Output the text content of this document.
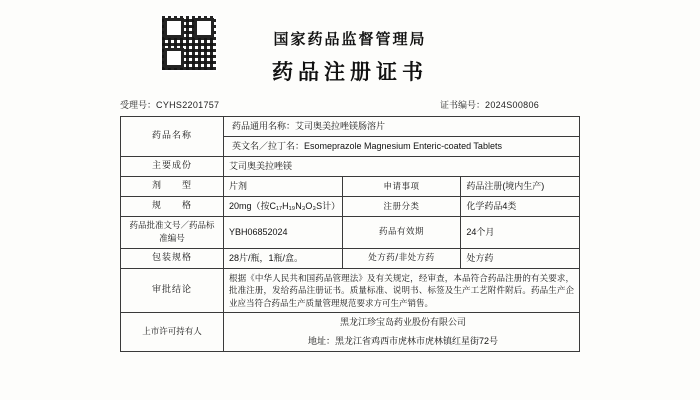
国家药品监督管理局
药品注册证书
受理号：CYHS2201757	证书编号：2024S00806
药品名称	药品通用名称：艾司奥美拉唑镁肠溶片
英文名／拉丁名：Esomeprazole Magnesium Enteric-coated Tablets		

主要成份	艾司奥美拉唑镁		
剂　　型	片剂	申请事项	药品注册(境内生产)
规　　格	20mg（按C₁₇H₁₉N₃O₃S计）	注册分类	化学药品4类
药品批准文号／药品标准编号	YBH06852024	药品有效期	24个月
包装规格	28片/瓶，1瓶/盒。	处方药/非处方药	处方药
审批结论	根据《中华人民共和国药品管理法》及有关规定，经审查，本品符合药品注册的有关要求，批准注册，发给药品注册证书。质量标准、说明书、标签及生产工艺附件附后。药品生产企业应当符合药品生产质量管理规范要求方可生产销售。		
上市许可持有人	黑龙江珍宝岛药业股份有限公司
地址：黑龙江省鸡西市虎林市虎林镇红星街72号		
